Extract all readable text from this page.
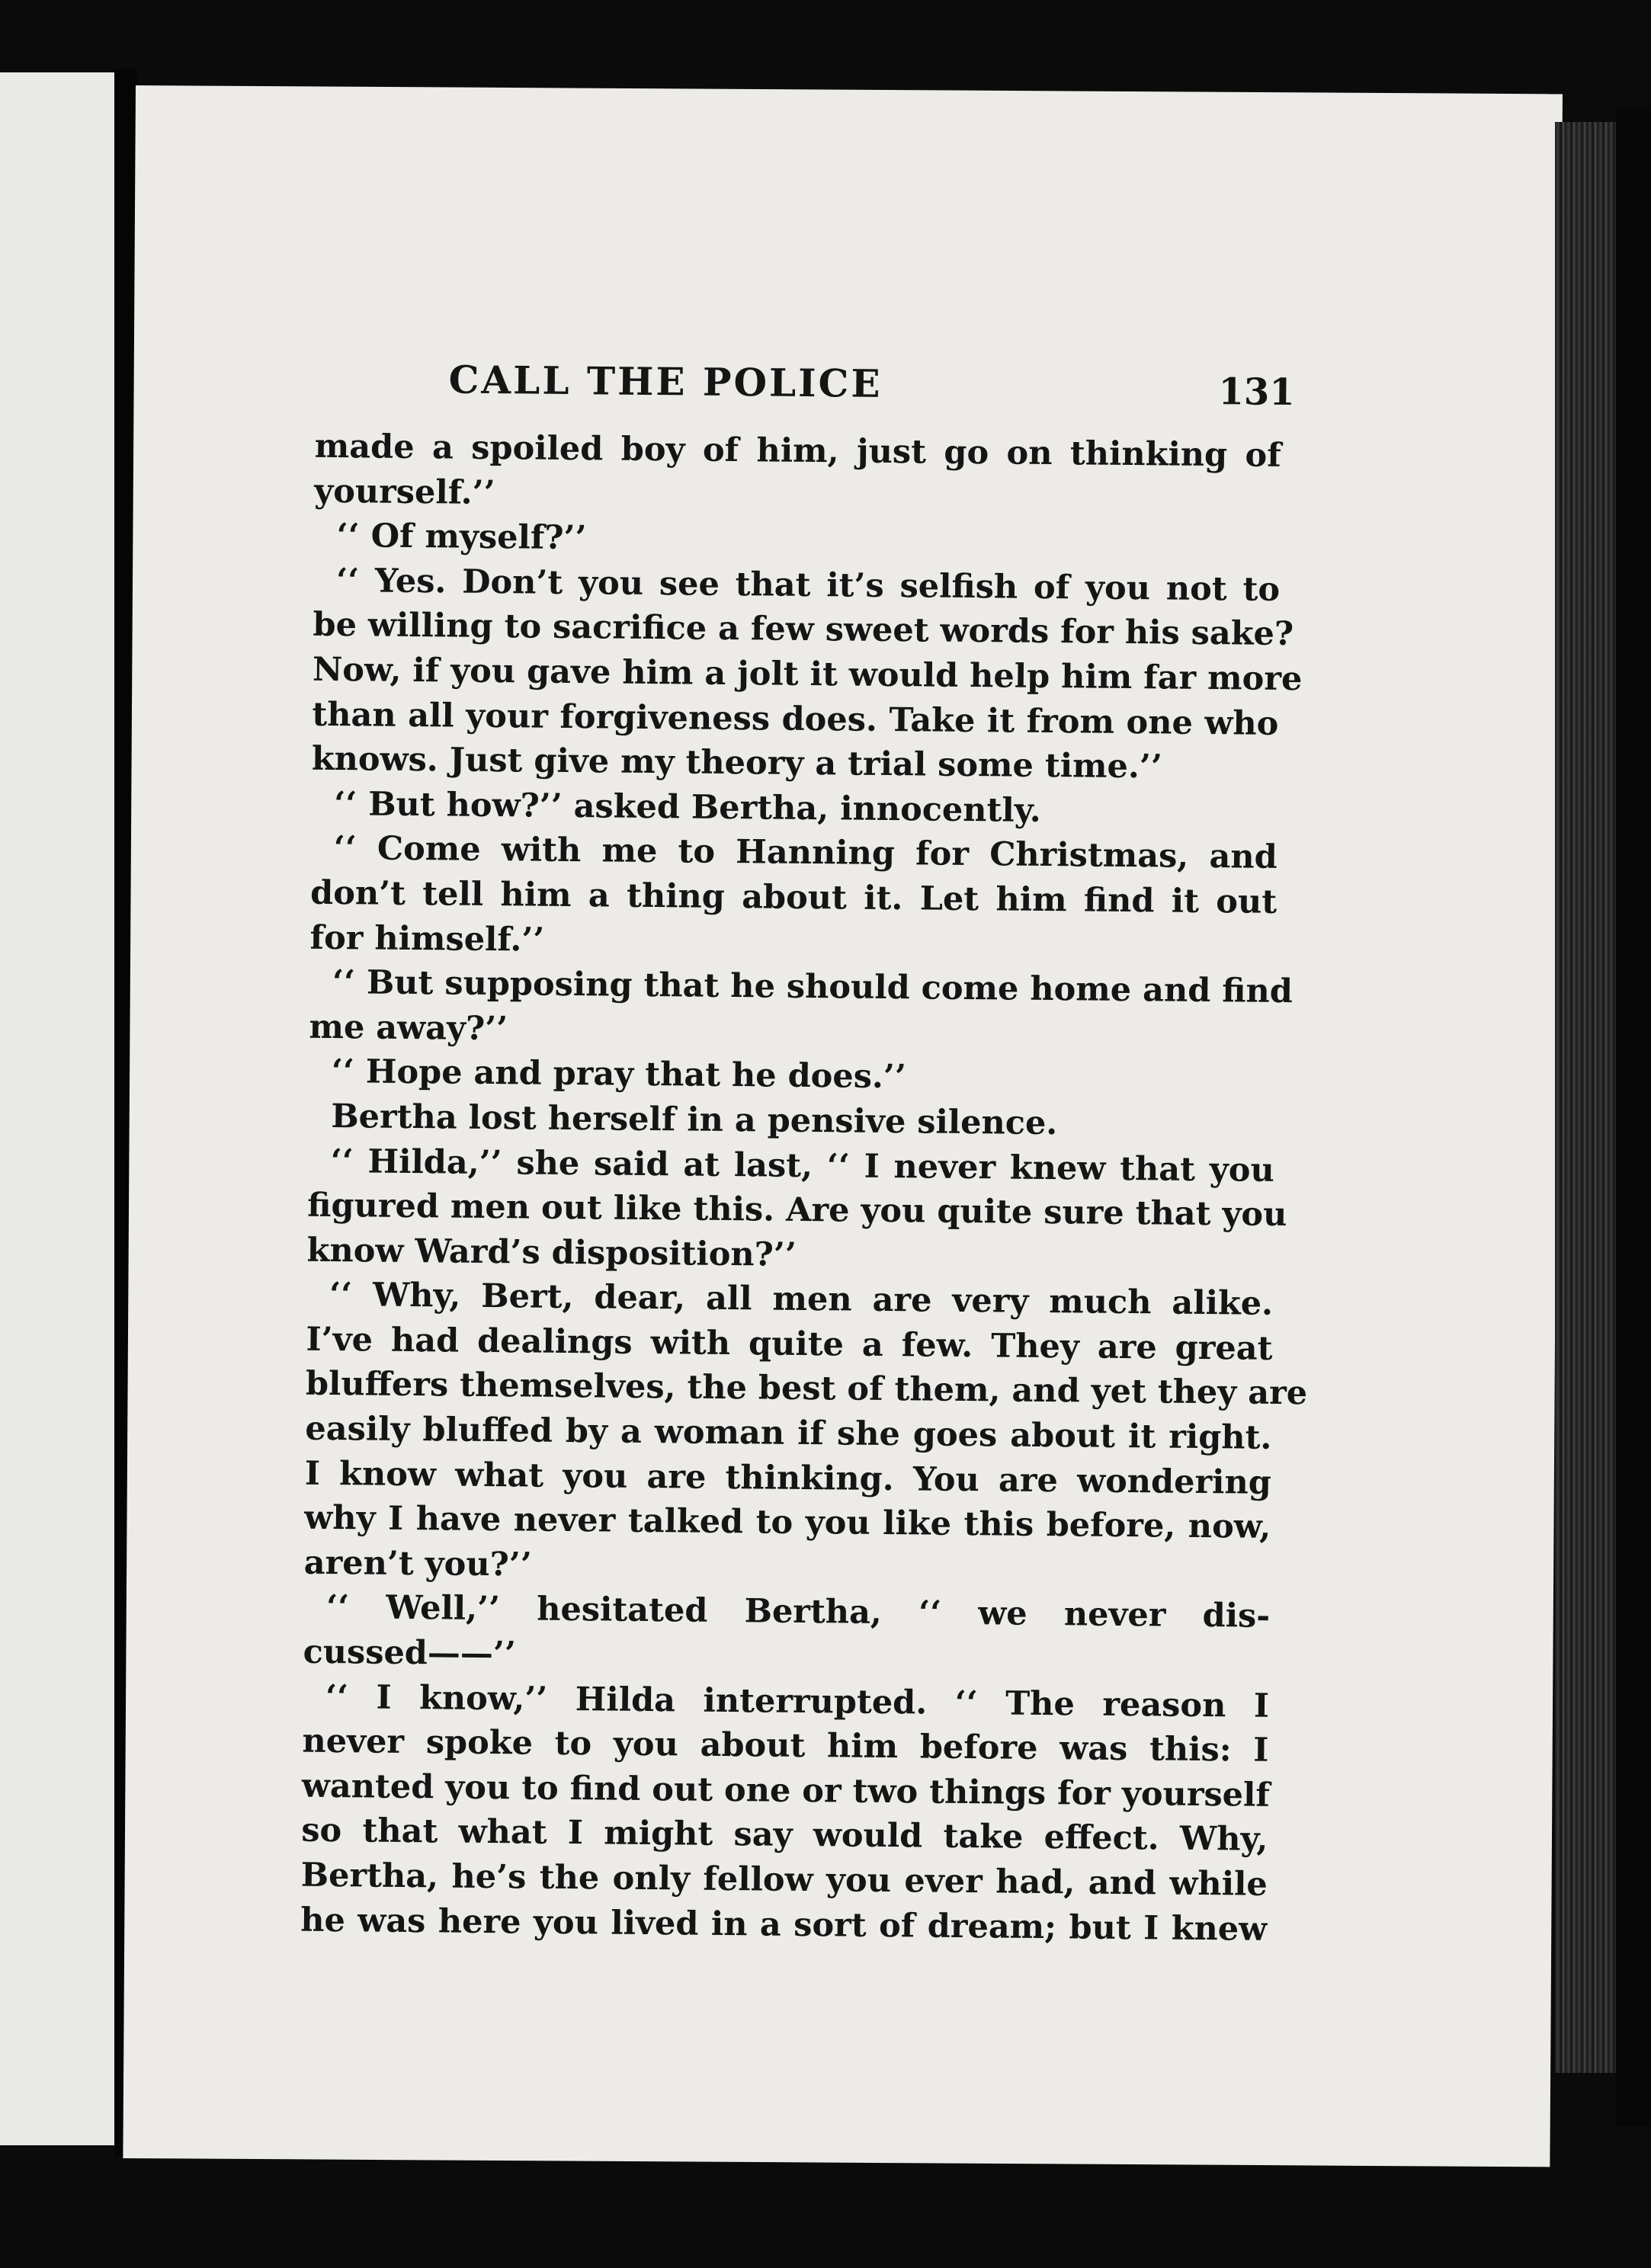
CALL THE POLICE	131
made a spoiled boy of him, just go on thinking of
yourself.’’
‘‘ Of myself?’’
‘‘ Yes. Don’t you see that it’s selfish of you not to
be willing to sacrifice a few sweet words for his sake?
Now, if you gave him a jolt it would help him far more
than all your forgiveness does. Take it from one who
knows. Just give my theory a trial some time.’’
‘‘ But how?’’ asked Bertha, innocently.
‘‘ Come with me to Hanning for Christmas, and
don’t tell him a thing about it. Let him find it out
for himself.’’
‘‘ But supposing that he should come home and find
me away?’’
‘‘ Hope and pray that he does.’’
Bertha lost herself in a pensive silence.
‘‘ Hilda,’’ she said at last, ‘‘ I never knew that you
figured men out like this. Are you quite sure that you
know Ward’s disposition?’’
‘‘ Why, Bert, dear, all men are very much alike.
I’ve had dealings with quite a few. They are great
bluffers themselves, the best of them, and yet they are
easily bluffed by a woman if she goes about it right.
I know what you are thinking. You are wondering
why I have never talked to you like this before, now,
aren’t you?’’
‘‘ Well,’’ hesitated Bertha, ‘‘ we never dis-
cussed——’’
‘‘ I know,’’ Hilda interrupted. ‘‘ The reason I
never spoke to you about him before was this: I
wanted you to find out one or two things for yourself
so that what I might say would take effect. Why,
Bertha, he’s the only fellow you ever had, and while
he was here you lived in a sort of dream; but I knew
